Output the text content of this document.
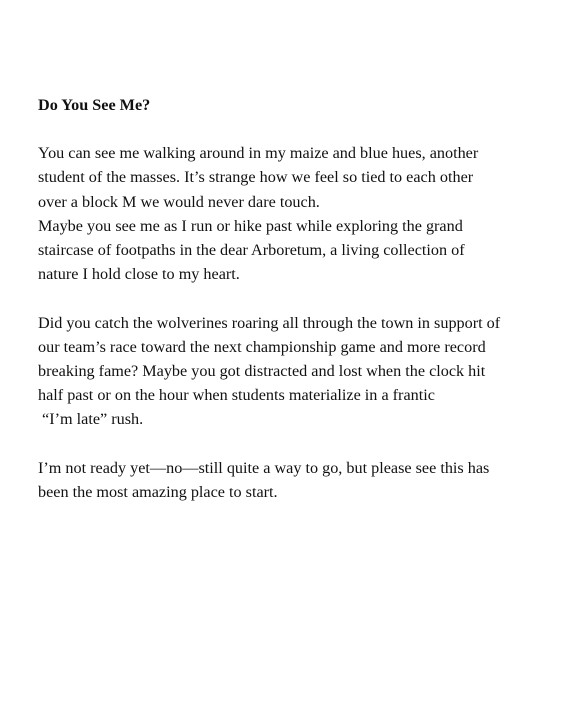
Do You See Me?
You can see me walking around in my maize and blue hues, another
student of the masses. It’s strange how we feel so tied to each other
over a block M we would never dare touch.
Maybe you see me as I run or hike past while exploring the grand
staircase of footpaths in the dear Arboretum, a living collection of
nature I hold close to my heart.
Did you catch the wolverines roaring all through the town in support of
our team’s race toward the next championship game and more record
breaking fame? Maybe you got distracted and lost when the clock hit
half past or on the hour when students materialize in a frantic
“I’m late” rush.
I’m not ready yet—no—still quite a way to go, but please see this has
been the most amazing place to start.
